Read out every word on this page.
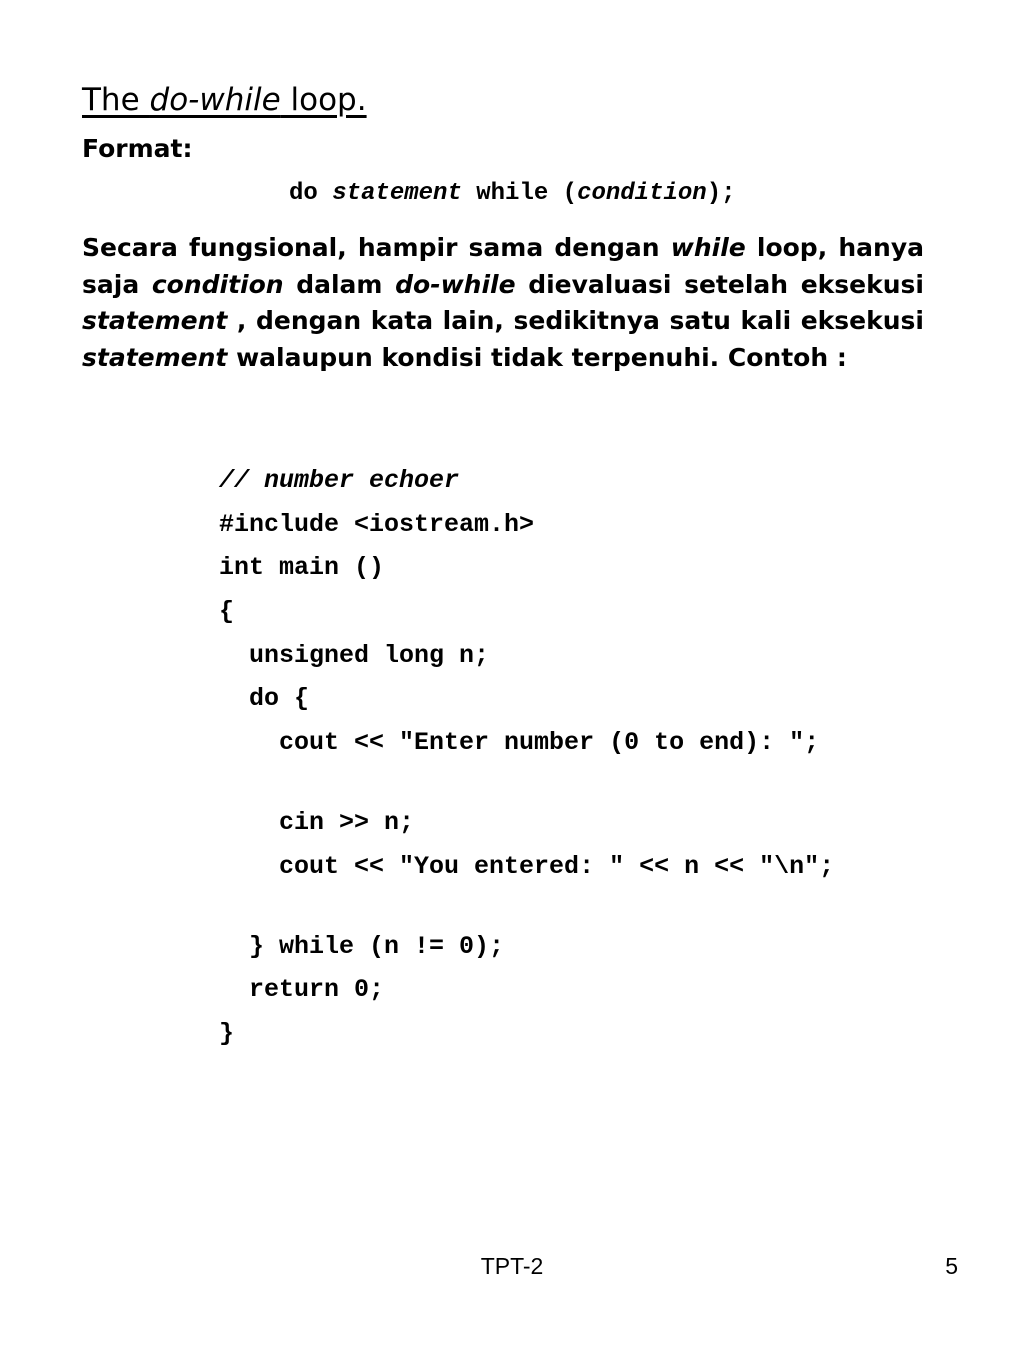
The do-while loop.
Format:
do statement while (condition);
Secara fungsional, hampir sama dengan while loop, hanya saja condition dalam do-while dievaluasi setelah eksekusi statement , dengan kata lain, sedikitnya satu kali eksekusi statement walaupun kondisi tidak terpenuhi. Contoh :
// number echoer
#include <iostream.h>
int main ()
{
unsigned long n;
do {
cout << "Enter number (0 to end): ";
cin >> n;
cout << "You entered: " << n << "\n";
} while (n != 0);
return 0;
}
TPT-2	5
